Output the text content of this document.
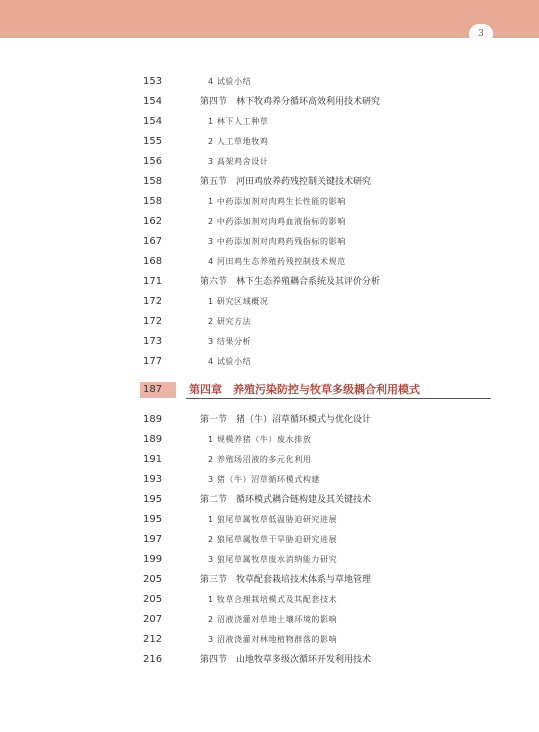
3
153	4 试验小结
154	第四节　林下牧鸡养分循环高效利用技术研究
154	1 林下人工种草
155	2 人工草地牧鸡
156	3 高架鸡舍设计
158	第五节　河田鸡放养药残控制关键技术研究
158	1 中药添加剂对肉鸡生长性能的影响
162	2 中药添加剂对肉鸡血液指标的影响
167	3 中药添加剂对肉鸡药残指标的影响
168	4 河田鸡生态养殖药残控制技术规范
171	第六节　林下生态养殖耦合系统及其评价分析
172	1 研究区域概况
172	2 研究方法
173	3 结果分析
177	4 试验小结
187	第四章　养殖污染防控与牧草多级耦合利用模式
189	第一节　猪（牛）沼草循环模式与优化设计
189	1 规模养猪（牛）废水排放
191	2 养殖场沼液的多元化利用
193	3 猪（牛）沼草循环模式构建
195	第二节　循环模式耦合链构建及其关键技术
195	1 狼尾草属牧草低温胁迫研究进展
197	2 狼尾草属牧草干旱胁迫研究进展
199	3 狼尾草属牧草废水消纳能力研究
205	第三节　牧草配套栽培技术体系与草地管理
205	1 牧草合理栽培模式及其配套技术
207	2 沼液浇灌对草地土壤环境的影响
212	3 沼液浇灌对林地植物群落的影响
216	第四节　山地牧草多级次循环开发利用技术
